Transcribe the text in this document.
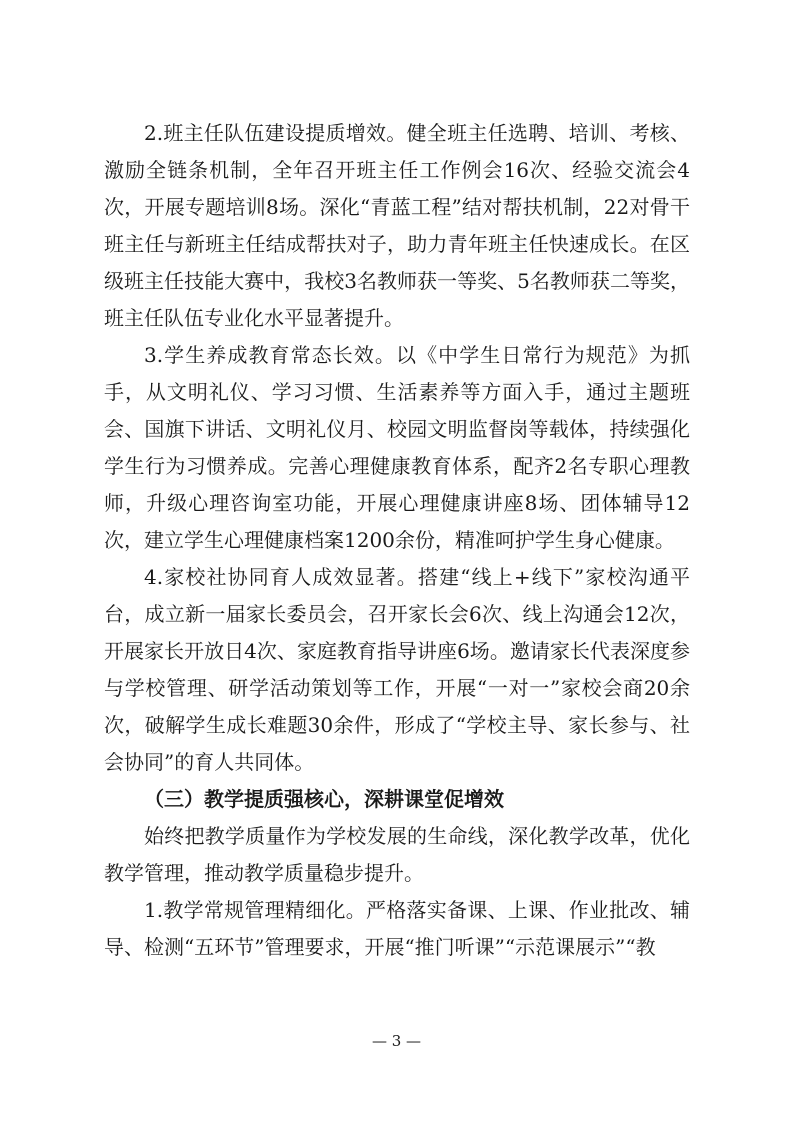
2.班主任队伍建设提质增效。健全班主任选聘、培训、考核、激励全链条机制，全年召开班主任工作例会16次、经验交流会4次，开展专题培训8场。深化“青蓝工程”结对帮扶机制，22对骨干班主任与新班主任结成帮扶对子，助力青年班主任快速成长。在区级班主任技能大赛中，我校3名教师获一等奖、5名教师获二等奖，班主任队伍专业化水平显著提升。

3.学生养成教育常态长效。以《中学生日常行为规范》为抓手，从文明礼仪、学习习惯、生活素养等方面入手，通过主题班会、国旗下讲话、文明礼仪月、校园文明监督岗等载体，持续强化学生行为习惯养成。完善心理健康教育体系，配齐2名专职心理教师，升级心理咨询室功能，开展心理健康讲座8场、团体辅导12次，建立学生心理健康档案1200余份，精准呵护学生身心健康。

4.家校社协同育人成效显著。搭建“线上+线下”家校沟通平台，成立新一届家长委员会，召开家长会6次、线上沟通会12次，开展家长开放日4次、家庭教育指导讲座6场。邀请家长代表深度参与学校管理、研学活动策划等工作，开展“一对一”家校会商20余次，破解学生成长难题30余件，形成了“学校主导、家长参与、社会协同”的育人共同体。

（三）教学提质强核心，深耕课堂促增效

始终把教学质量作为学校发展的生命线，深化教学改革，优化教学管理，推动教学质量稳步提升。

1.教学常规管理精细化。严格落实备课、上课、作业批改、辅导、检测“五环节”管理要求，开展“推门听课”“示范课展示”“教

— 3 —
